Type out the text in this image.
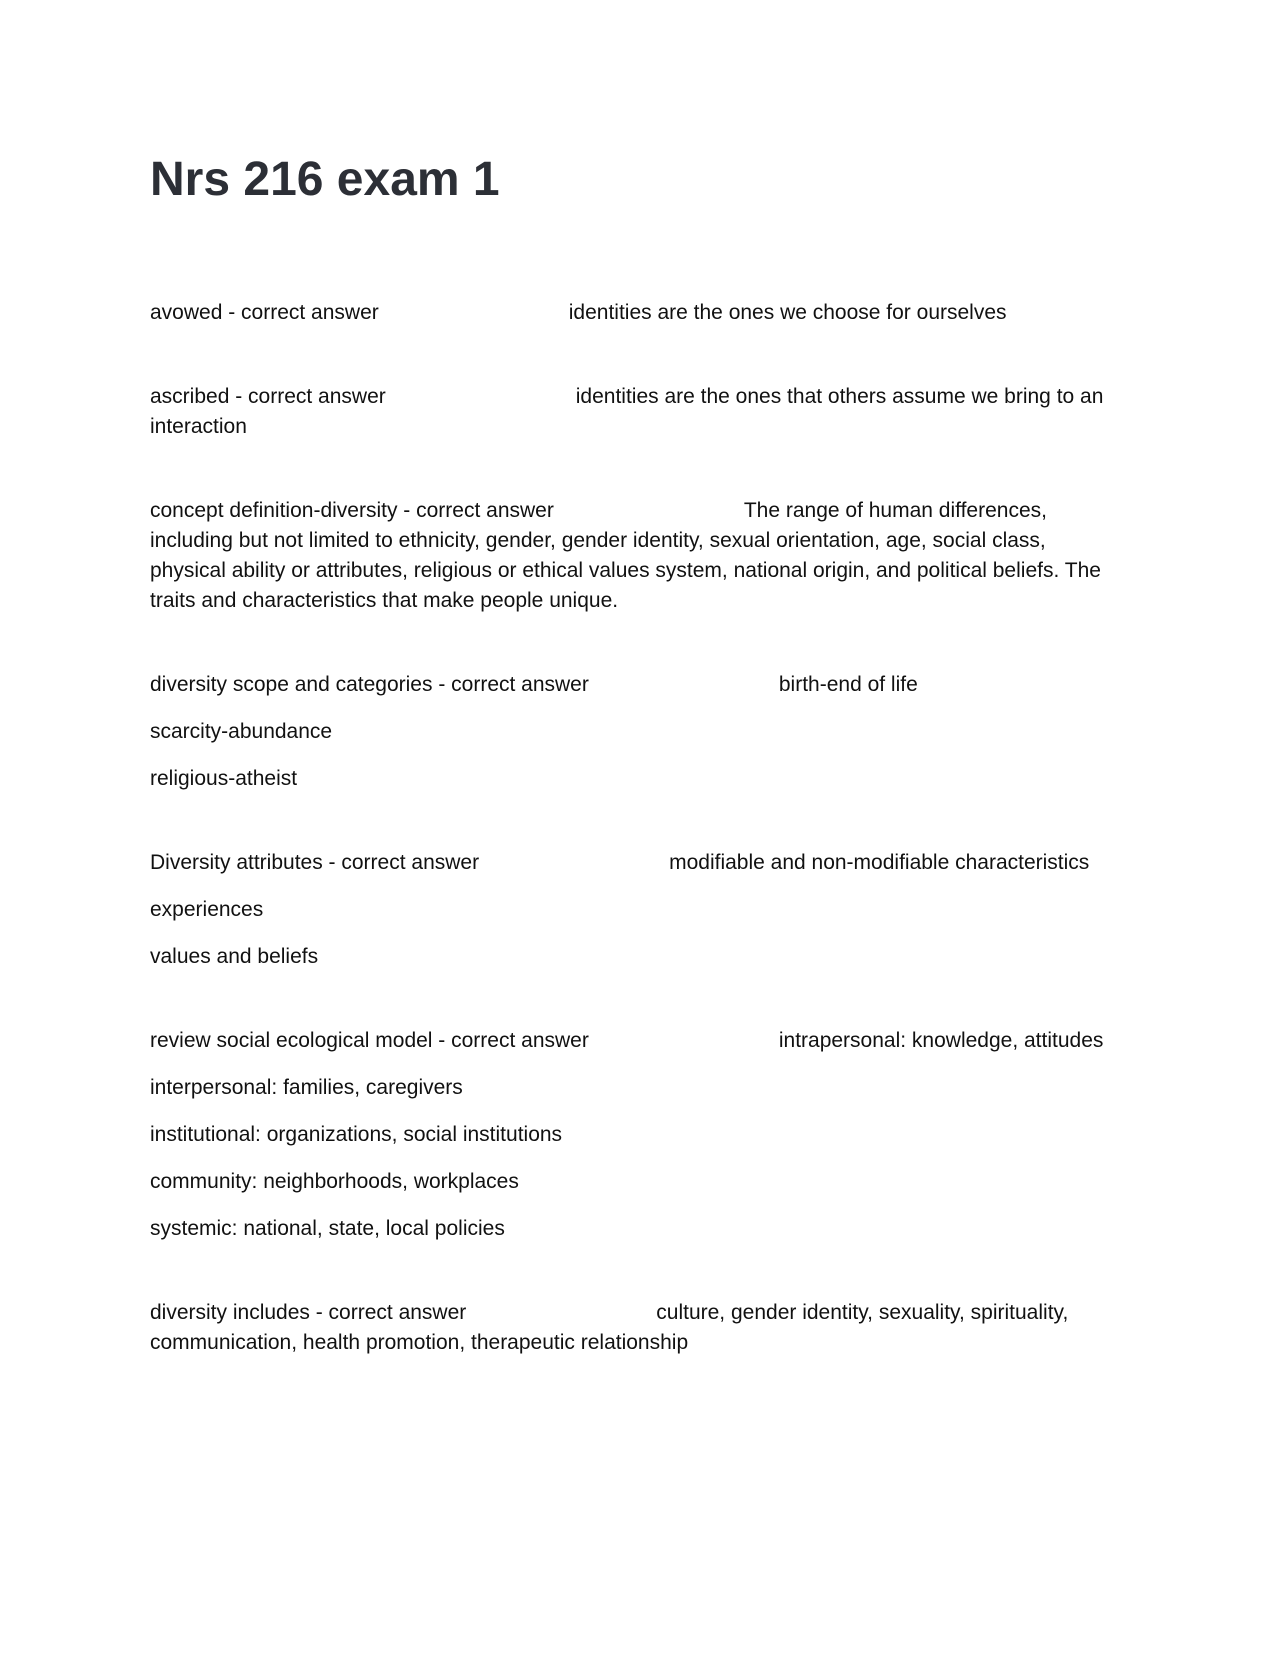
Nrs 216 exam 1

avowed - correct answer	identities are the ones we choose for ourselves

ascribed - correct answer	identities are the ones that others assume we bring to an interaction

concept definition-diversity - correct answer	The range of human differences, including but not limited to ethnicity, gender, gender identity, sexual orientation, age, social class, physical ability or attributes, religious or ethical values system, national origin, and political beliefs. The traits and characteristics that make people unique.

diversity scope and categories - correct answer	birth-end of life

scarcity-abundance

religious-atheist

Diversity attributes - correct answer	modifiable and non-modifiable characteristics

experiences

values and beliefs

review social ecological model - correct answer	intrapersonal: knowledge, attitudes

interpersonal: families, caregivers

institutional: organizations, social institutions

community: neighborhoods, workplaces

systemic: national, state, local policies

diversity includes - correct answer	culture, gender identity, sexuality, spirituality, communication, health promotion, therapeutic relationship
